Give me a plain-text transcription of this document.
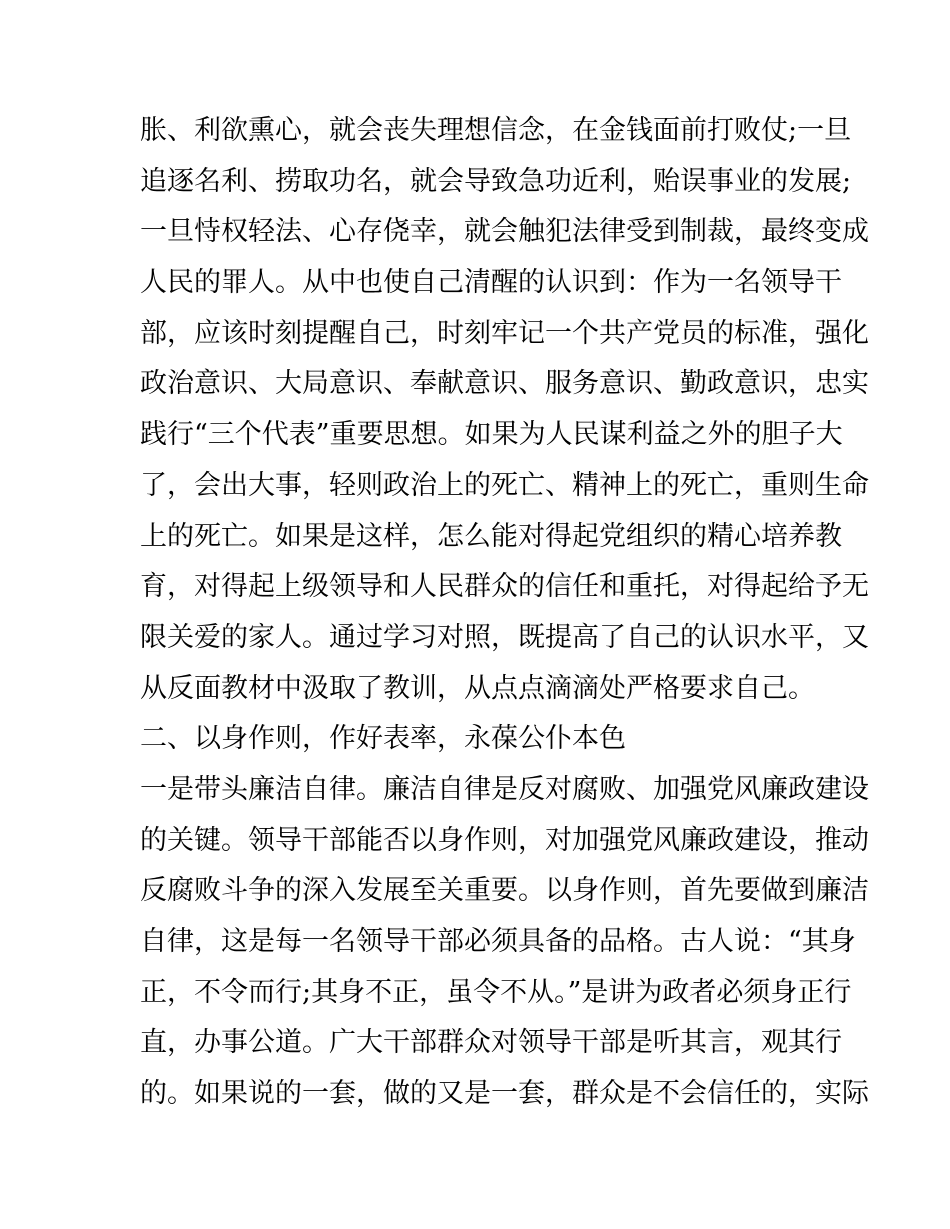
胀、利欲熏心，就会丧失理想信念，在金钱面前打败仗;一旦
追逐名利、捞取功名，就会导致急功近利，贻误事业的发展;
一旦恃权轻法、心存侥幸，就会触犯法律受到制裁，最终变成
人民的罪人。从中也使自己清醒的认识到：作为一名领导干
部，应该时刻提醒自己，时刻牢记一个共产党员的标准，强化
政治意识、大局意识、奉献意识、服务意识、勤政意识，忠实
践行“三个代表”重要思想。如果为人民谋利益之外的胆子大
了，会出大事，轻则政治上的死亡、精神上的死亡，重则生命
上的死亡。如果是这样，怎么能对得起党组织的精心培养教
育，对得起上级领导和人民群众的信任和重托，对得起给予无
限关爱的家人。通过学习对照，既提高了自己的认识水平，又
从反面教材中汲取了教训，从点点滴滴处严格要求自己。
二、以身作则，作好表率，永葆公仆本色
一是带头廉洁自律。廉洁自律是反对腐败、加强党风廉政建设
的关键。领导干部能否以身作则，对加强党风廉政建设，推动
反腐败斗争的深入发展至关重要。以身作则，首先要做到廉洁
自律，这是每一名领导干部必须具备的品格。古人说：“其身
正，不令而行;其身不正，虽令不从。”是讲为政者必须身正行
直，办事公道。广大干部群众对领导干部是听其言，观其行
的。如果说的一套，做的又是一套，群众是不会信任的，实际
